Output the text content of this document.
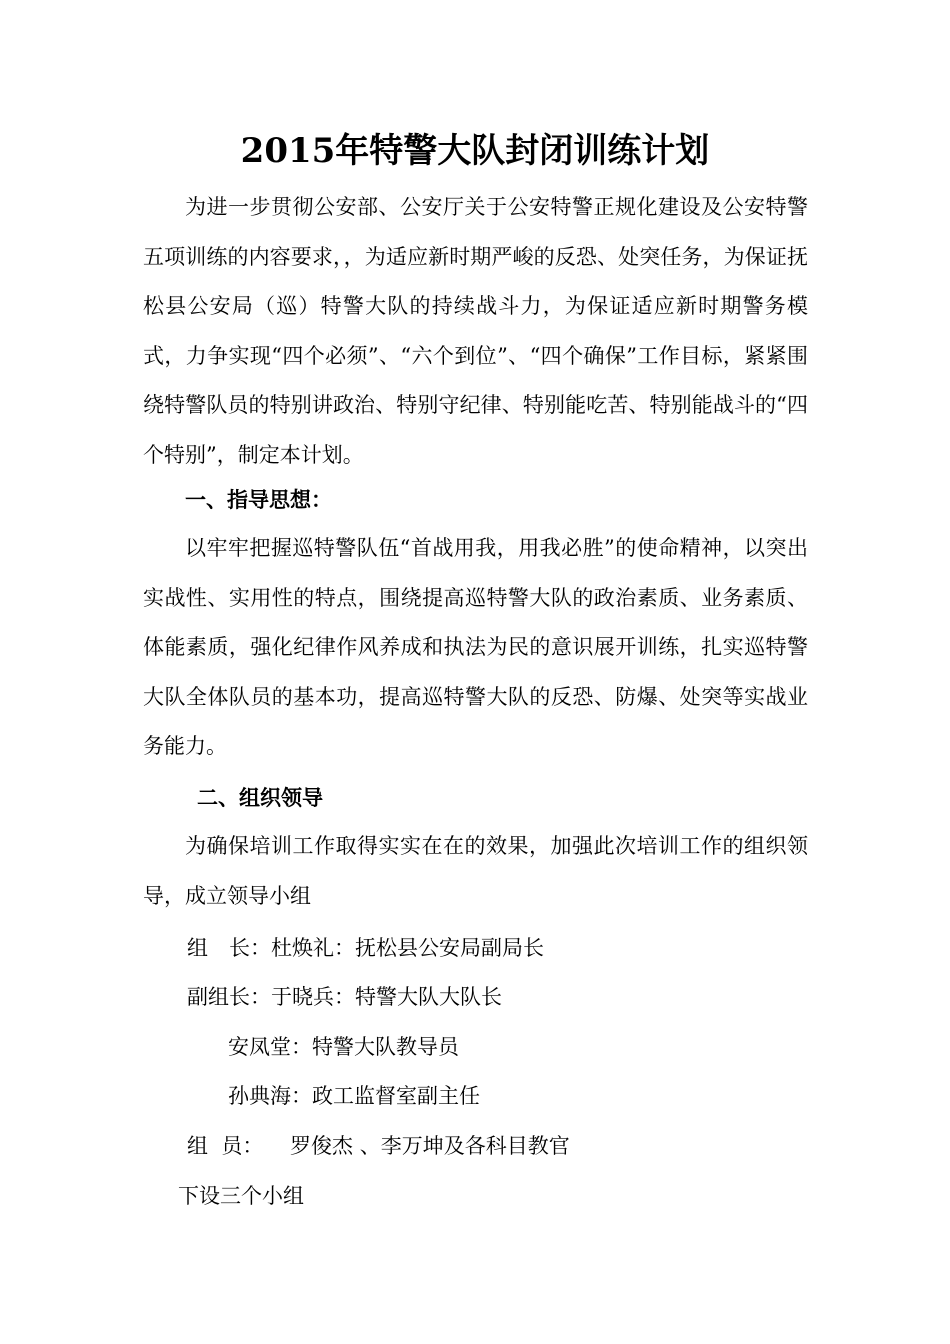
2015年特警大队封闭训练计划

为进一步贯彻公安部、公安厅关于公安特警正规化建设及公安特警五项训练的内容要求，，为适应新时期严峻的反恐、处突任务，为保证抚松县公安局（巡）特警大队的持续战斗力，为保证适应新时期警务模式，力争实现“四个必须”、“六个到位”、“四个确保”工作目标，紧紧围绕特警队员的特别讲政治、特别守纪律、特别能吃苦、特别能战斗的“四个特别”，制定本计划。

一、指导思想：

以牢牢把握巡特警队伍“首战用我，用我必胜”的使命精神，以突出实战性、实用性的特点，围绕提高巡特警大队的政治素质、业务素质、体能素质，强化纪律作风养成和执法为民的意识展开训练，扎实巡特警大队全体队员的基本功，提高巡特警大队的反恐、防爆、处突等实战业务能力。

二、组织领导

为确保培训工作取得实实在在的效果，加强此次培训工作的组织领导，成立领导小组

组　长：杜焕礼：抚松县公安局副局长
副组长：于晓兵：特警大队大队长
安凤堂：特警大队教导员
孙典海：政工监督室副主任
组  员：    罗俊杰 、李万坤及各科目教官
下设三个小组
